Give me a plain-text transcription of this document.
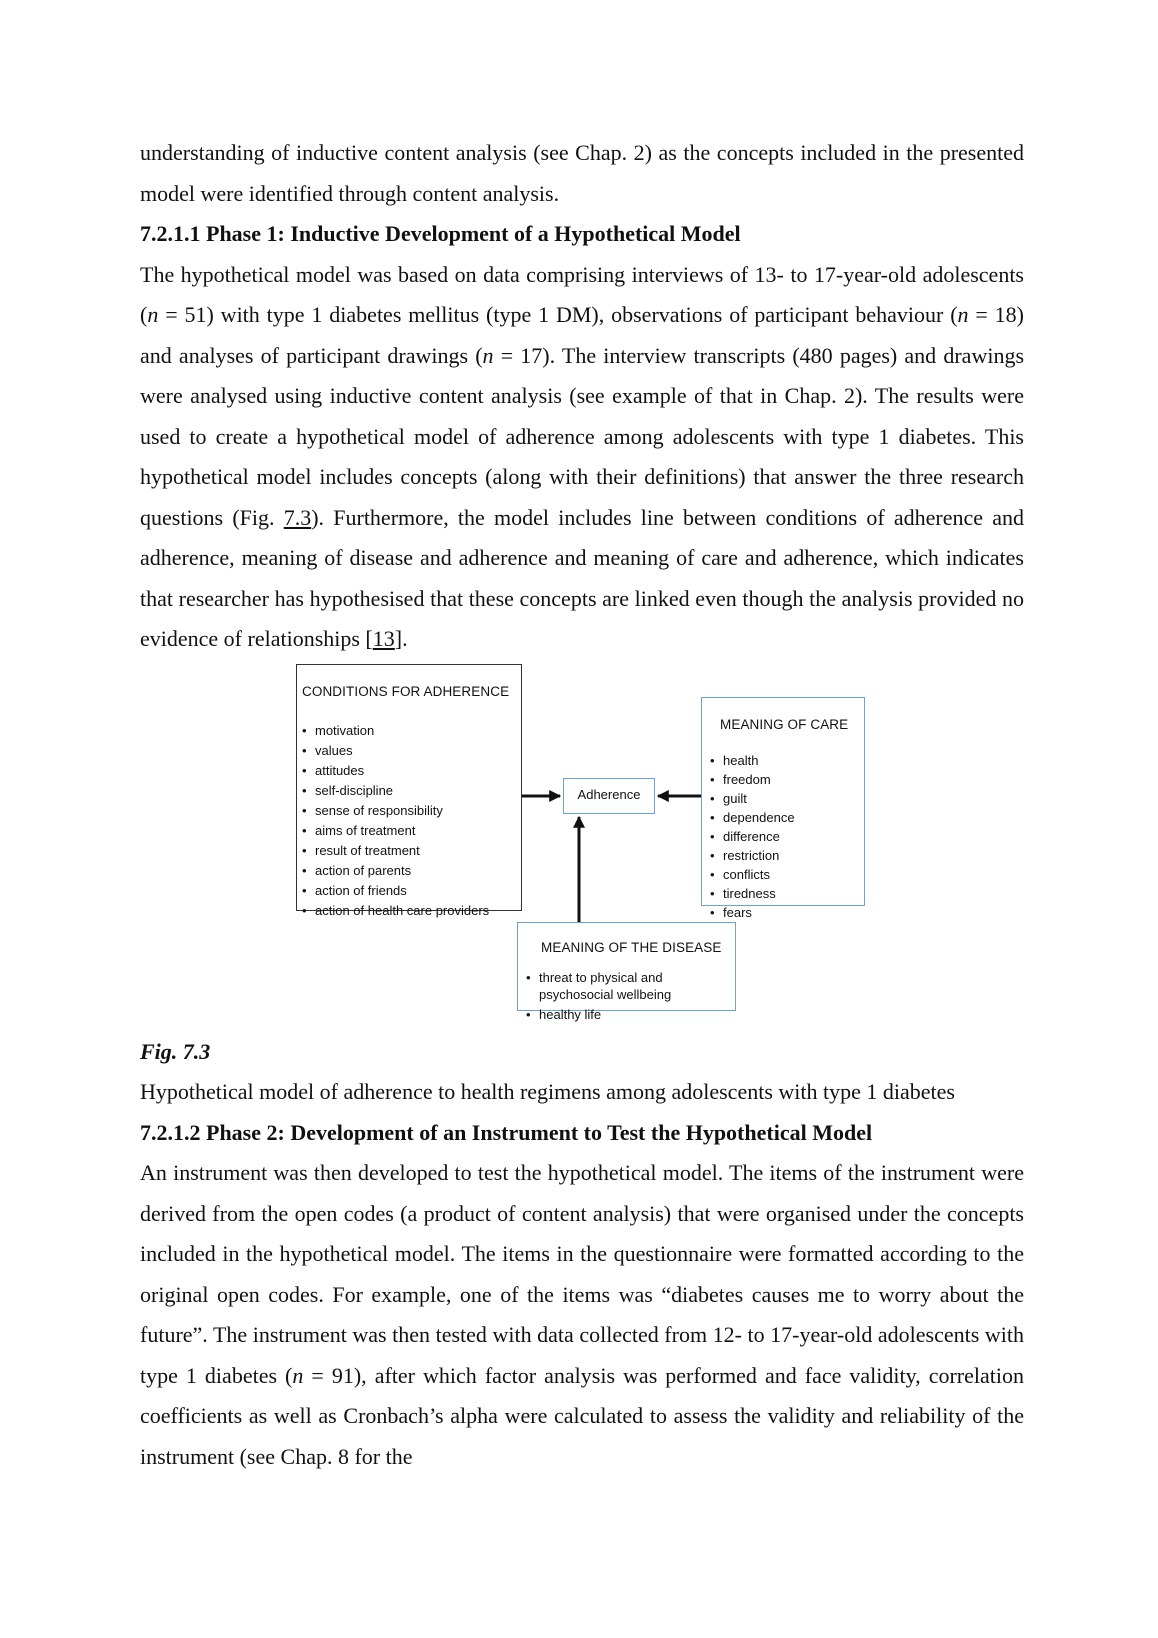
understanding of inductive content analysis (see Chap. 2) as the concepts included in the presented model were identified through content analysis.

7.2.1.1 Phase 1: Inductive Development of a Hypothetical Model

The hypothetical model was based on data comprising interviews of 13- to 17-year-old adolescents (n = 51) with type 1 diabetes mellitus (type 1 DM), observations of participant behaviour (n = 18) and analyses of participant drawings (n = 17). The interview transcripts (480 pages) and drawings were analysed using inductive content analysis (see example of that in Chap. 2). The results were used to create a hypothetical model of adherence among adolescents with type 1 diabetes. This hypothetical model includes concepts (along with their definitions) that answer the three research questions (Fig. 7.3). Furthermore, the model includes line between conditions of adherence and adherence, meaning of disease and adherence and meaning of care and adherence, which indicates that researcher has hypothesised that these concepts are linked even though the analysis provided no evidence of relationships [13].

CONDITIONS FOR ADHERENCE
• motivation
• values
• attitudes
• self-discipline
• sense of responsibility
• aims of treatment
• result of treatment
• action of parents
• action of friends
• action of health care providers
Adherence
MEANING OF CARE
• health
• freedom
• guilt
• dependence
• difference
• restriction
• conflicts
• tiredness
• fears
MEANING OF THE DISEASE
• threat to physical and psychosocial wellbeing
• healthy life

Fig. 7.3

Hypothetical model of adherence to health regimens among adolescents with type 1 diabetes

7.2.1.2 Phase 2: Development of an Instrument to Test the Hypothetical Model

An instrument was then developed to test the hypothetical model. The items of the instrument were derived from the open codes (a product of content analysis) that were organised under the concepts included in the hypothetical model. The items in the questionnaire were formatted according to the original open codes. For example, one of the items was “diabetes causes me to worry about the future”. The instrument was then tested with data collected from 12- to 17-year-old adolescents with type 1 diabetes (n = 91), after which factor analysis was performed and face validity, correlation coefficients as well as Cronbach’s alpha were calculated to assess the validity and reliability of the instrument (see Chap. 8 for the
